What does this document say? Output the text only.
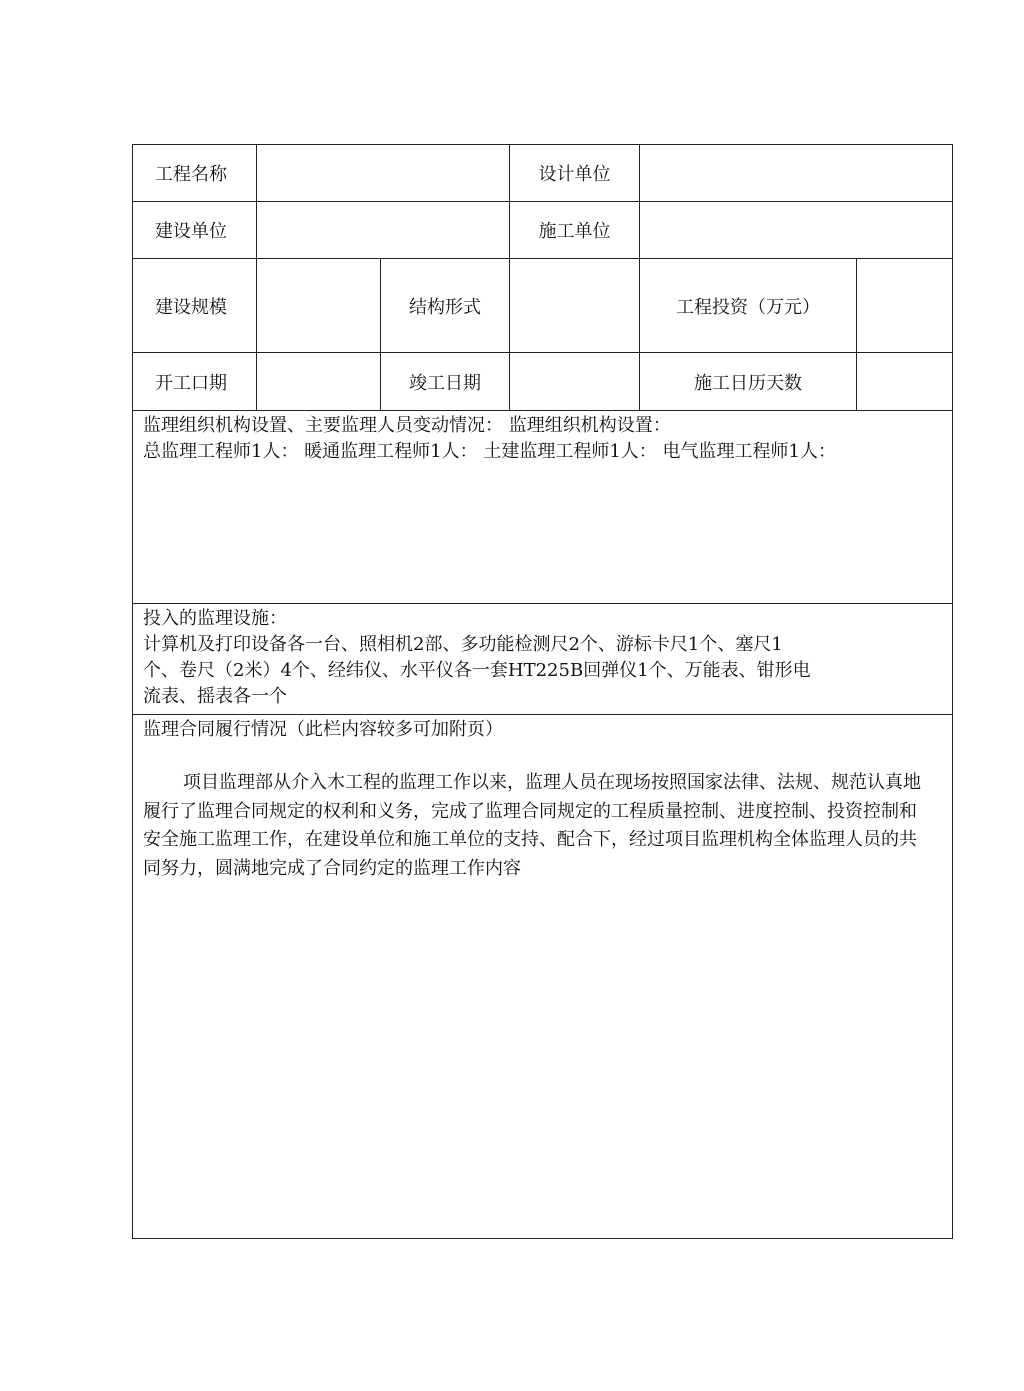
工程名称			设计单位		
建设单位			施工单位		
建设规模		结构形式		工程投资（万元）	
开工口期		竣工日期		施工日历天数	

监理组织机构设置、主要监理人员变动情况： 监理组织机构设置：
总监理工程师1人： 暖通监理工程师1人： 土建监理工程师1人： 电气监理工程师1人：					

投入的监理设施：
计算机及打印设备各一台、照相机2部、多功能检测尺2个、游标卡尺1个、塞尺1
个、卷尺（2米）4个、经纬仪、水平仪各一套HT225B回弹仪1个、万能表、钳形电
流表、摇表各一个					

监理合同履行情况（此栏内容较多可加附页）
项目监理部从介入木工程的监理工作以来，监理人员在现场按照国家法律、法规、规范认真地履行了监理合同规定的权利和义务，完成了监理合同规定的工程质量控制、进度控制、投资控制和安全施工监理工作，在建设单位和施工单位的支持、配合下，经过项目监理机构全体监理人员的共同努力，圆满地完成了合同约定的监理工作内容					
